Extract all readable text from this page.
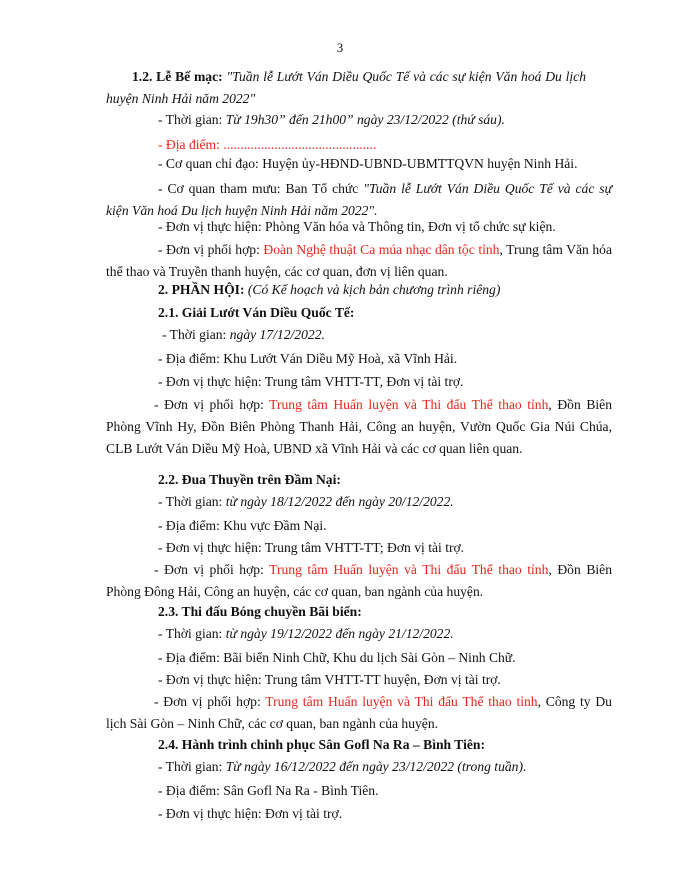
3
1.2. Lễ Bế mạc: "Tuần lễ Lướt Ván Diều Quốc Tế và các sự kiện Văn hoá Du lịch huyện Ninh Hải năm 2022"
- Thời gian: Từ 19h30” đến 21h00” ngày 23/12/2022 (thứ sáu).
- Địa điểm: .............................................
- Cơ quan chỉ đạo: Huyện ủy-HĐND-UBND-UBMTTQVN huyện Ninh Hải.
- Cơ quan tham mưu: Ban Tổ chức "Tuần lễ Lướt Ván Diều Quốc Tế và các sự kiện Văn hoá Du lịch huyện Ninh Hải năm 2022".
- Đơn vị thực hiện: Phòng Văn hóa và Thông tin, Đơn vị tổ chức sự kiện.
- Đơn vị phối hợp: Đoàn Nghệ thuật Ca múa nhạc dân tộc tỉnh, Trung tâm Văn hóa thể thao và Truyền thanh huyện, các cơ quan, đơn vị liên quan.
2. PHẦN HỘI: (Có Kế hoạch và kịch bản chương trình riêng)
2.1. Giải Lướt Ván Diều Quốc Tế:
- Thời gian: ngày 17/12/2022.
- Địa điểm: Khu Lướt Ván Diều Mỹ Hoà, xã Vĩnh Hải.
- Đơn vị thực hiện: Trung tâm VHTT-TT, Đơn vị tài trợ.
- Đơn vị phối hợp: Trung tâm Huấn luyện và Thi đấu Thể thao tỉnh, Đồn Biên Phòng Vĩnh Hy, Đồn Biên Phòng Thanh Hải, Công an huyện, Vườn Quốc Gia Núi Chúa, CLB Lướt Ván Diều Mỹ Hoà, UBND xã Vĩnh Hải và các cơ quan liên quan.
2.2. Đua Thuyền trên Đầm Nại:
- Thời gian: từ ngày 18/12/2022 đến ngày 20/12/2022.
- Địa điểm: Khu vực Đầm Nại.
- Đơn vị thực hiện: Trung tâm VHTT-TT; Đơn vị tài trợ.
- Đơn vị phối hợp: Trung tâm Huấn luyện và Thi đấu Thể thao tỉnh, Đồn Biên Phòng Đông Hải, Công an huyện, các cơ quan, ban ngành của huyện.
2.3. Thi đấu Bóng chuyền Bãi biển:
- Thời gian: từ ngày 19/12/2022 đến ngày 21/12/2022.
- Địa điểm: Bãi biển Ninh Chữ, Khu du lịch Sài Gòn – Ninh Chữ.
- Đơn vị thực hiện: Trung tâm VHTT-TT huyện, Đơn vị tài trợ.
- Đơn vị phối hợp: Trung tâm Huấn luyện và Thi đấu Thể thao tỉnh, Công ty Du lịch Sài Gòn – Ninh Chữ, các cơ quan, ban ngành của huyện.
2.4. Hành trình chinh phục Sân Gofl Na Ra – Bình Tiên:
- Thời gian: Từ ngày 16/12/2022 đến ngày 23/12/2022 (trong tuần).
- Địa điểm: Sân Gofl Na Ra - Bình Tiên.
- Đơn vị thực hiện: Đơn vị tài trợ.
